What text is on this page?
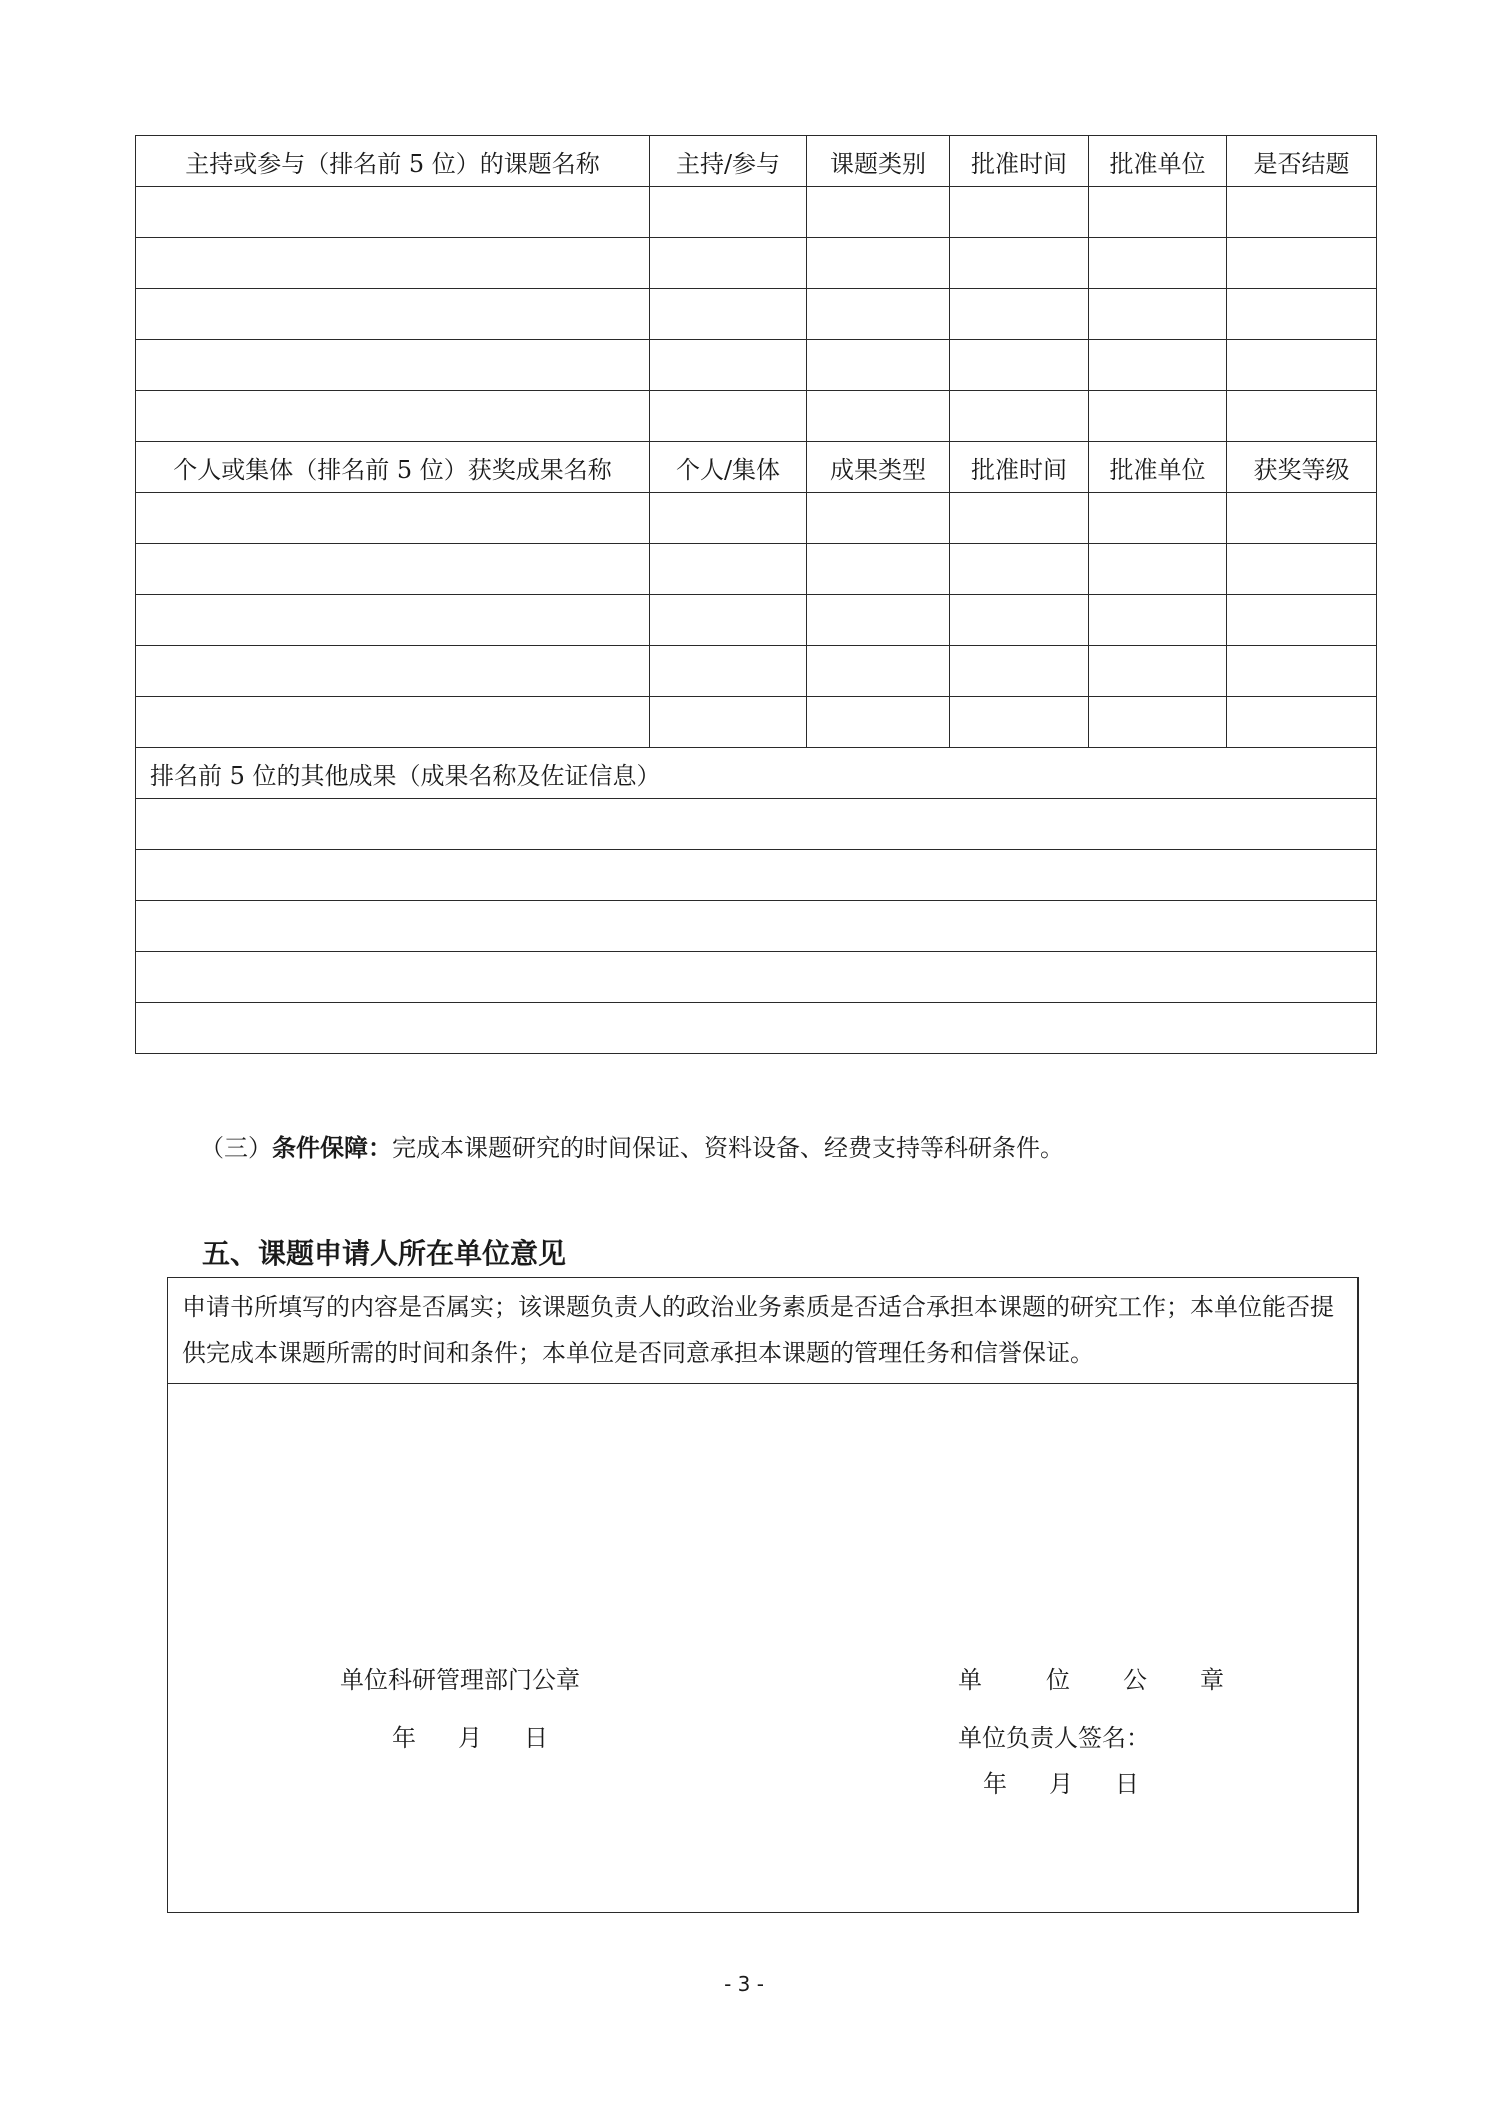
主持或参与（排名前 5 位）的课题名称	主持/参与	课题类别	批准时间	批准单位	是否结题

个人或集体（排名前 5 位）获奖成果名称	个人/集体	成果类型	批准时间	批准单位	获奖等级

排名前 5 位的其他成果（成果名称及佐证信息）					

（三）条件保障：完成本课题研究的时间保证、资料设备、经费支持等科研条件。
五、课题申请人所在单位意见
申请书所填写的内容是否属实；该课题负责人的政治业务素质是否适合承担本课题的研究工作；本单位能否提供完成本课题所需的时间和条件；本单位是否同意承担本课题的管理任务和信誉保证。
单位科研管理部门公章
年 月 日
单	位 公 章
单位负责人签名：
年 月 日
- 3 -
